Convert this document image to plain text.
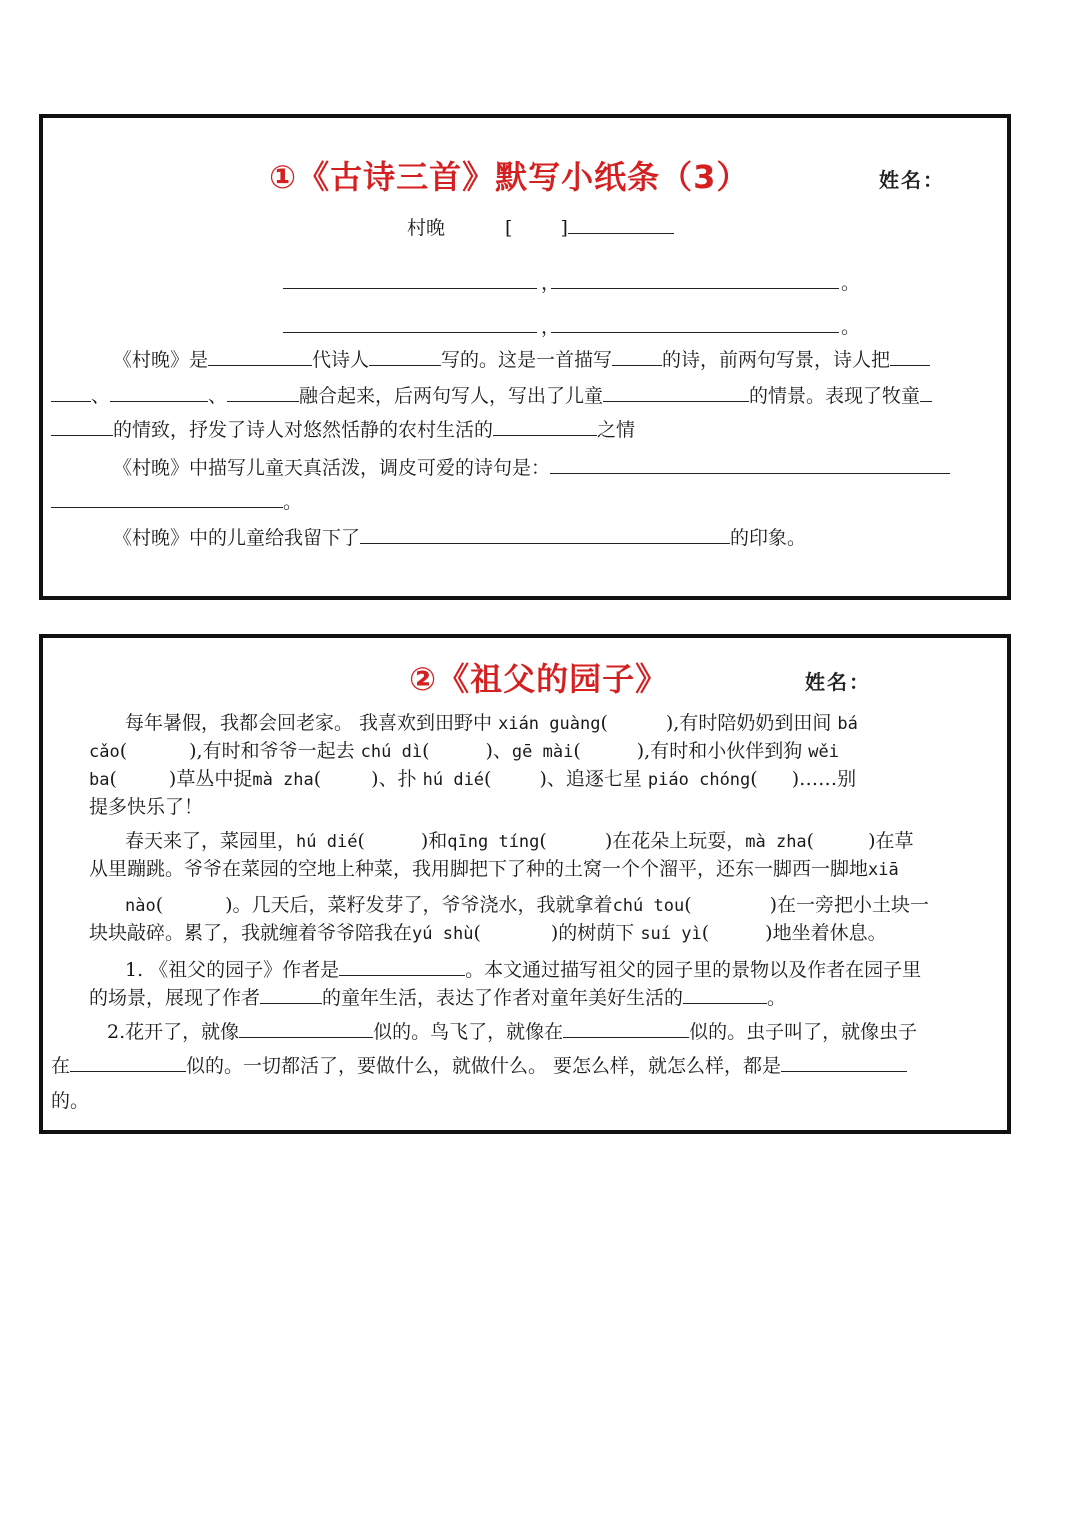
①《古诗三首》默写小纸条（3）	姓名：
村晚	[	]
，	。
，	。
《村晚》是	代诗人	写的。这是一首描写	的诗，前两句写景，诗人把
、	、	融合起来，后两句写人，写出了儿童	的情景。表现了牧童
的情致，抒发了诗人对悠然恬静的农村生活的	之情
《村晚》中描写儿童天真活泼，调皮可爱的诗句是：
。
《村晚》中的儿童给我留下了	的印象。
②《祖父的园子》	姓名：
每年暑假，我都会回老家。 我喜欢到田野中 xián guàng(	),有时陪奶奶到田间 bá
cǎo(	),有时和爷爷一起去 chú dì(	)、gē mài(	),有时和小伙伴到狗 wěi
ba(	)草丛中捉mà zha(	)、扑 hú dié(	)、追逐七星 piáo chóng( )……别
提多快乐了！
春天来了，菜园里，hú dié(	)和qīng tíng(	)在花朵上玩耍，mà zha(	)在草
从里蹦跳。爷爷在菜园的空地上种菜，我用脚把下了种的土窝一个个溜平，还东一脚西一脚地xiā
nào(	)。几天后，菜籽发芽了，爷爷浇水，我就拿着chú tou(	)在一旁把小土块一
块块敲碎。累了，我就缠着爷爷陪我在yú shù(	)的树荫下 suí yì(	)地坐着休息。
1. 《祖父的园子》作者是	。本文通过描写祖父的园子里的景物以及作者在园子里
的场景，展现了作者	的童年生活，表达了作者对童年美好生活的	。
2.花开了，就像	似的。鸟飞了，就像在	似的。虫子叫了，就像虫子
在	似的。一切都活了，要做什么，就做什么。 要怎么样，就怎么样，都是
的。
